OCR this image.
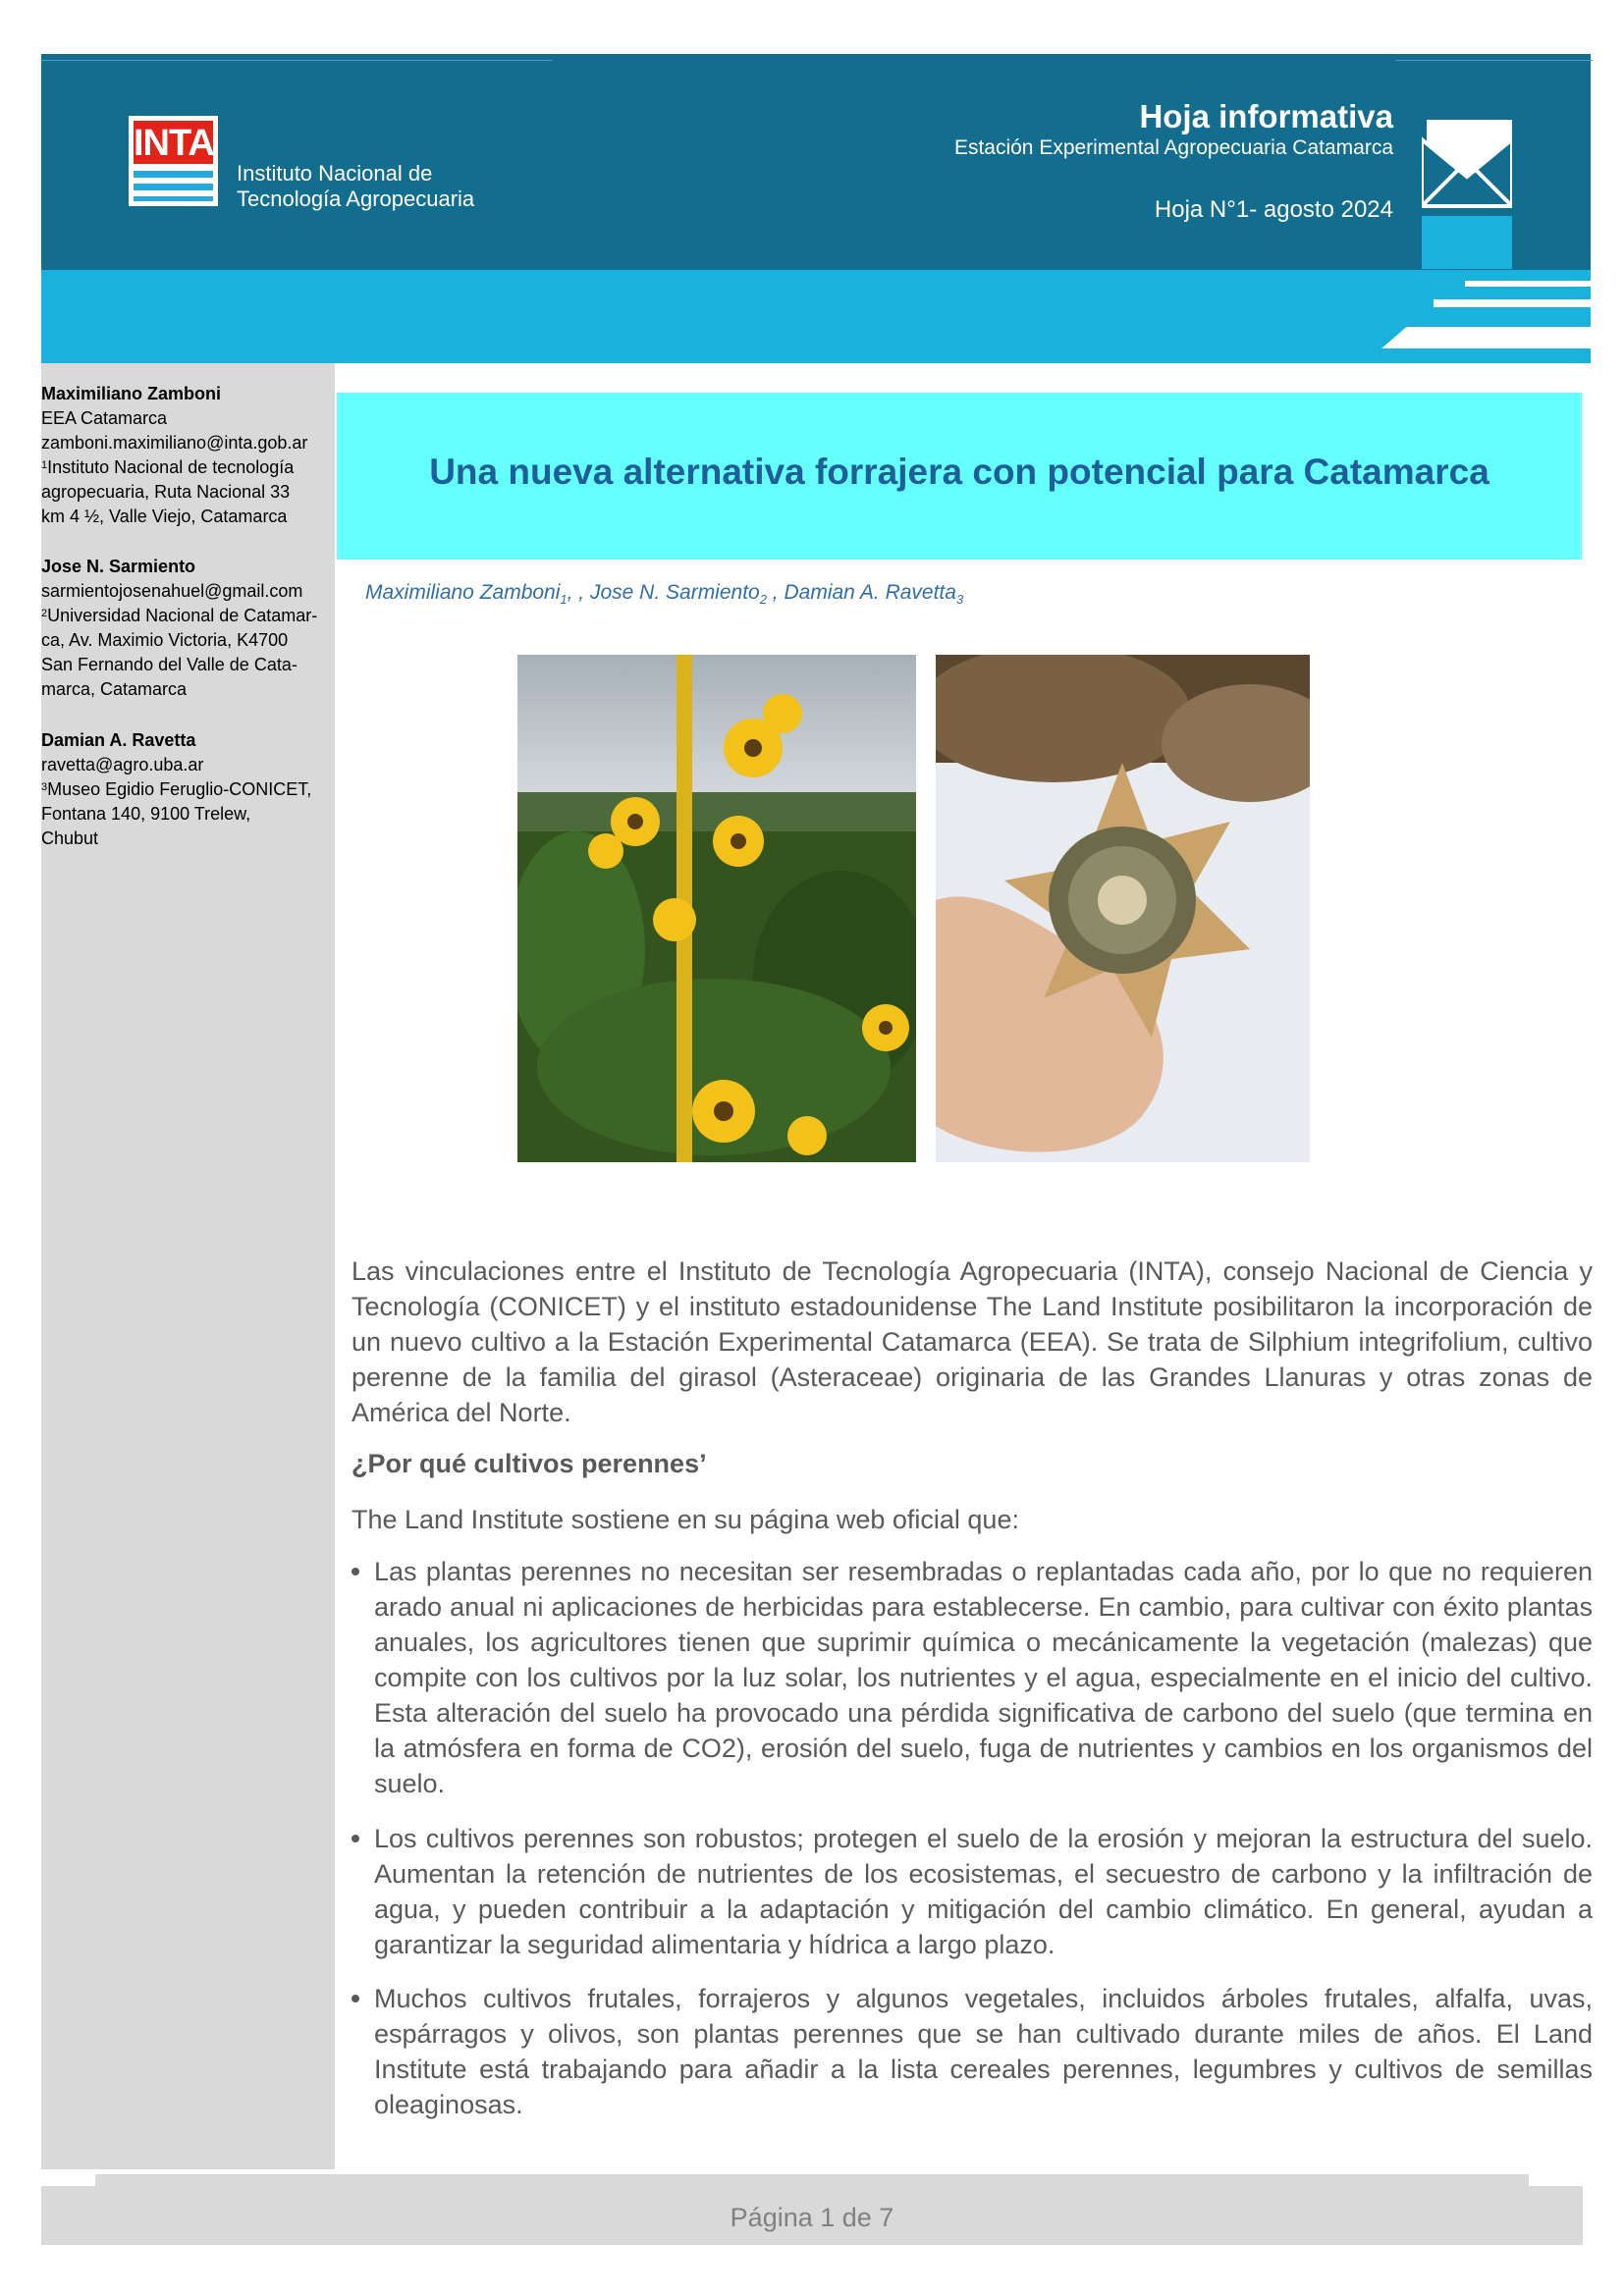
INTA
Instituto Nacional de
Tecnología Agropecuaria
Hoja informativa
Estación Experimental Agropecuaria Catamarca
Hoja N°1- agosto 2024
Maximiliano Zamboni
EEA Catamarca
zamboni.maximiliano@inta.gob.ar
$^1$Instituto Nacional de tecnología
agropecuaria, Ruta Nacional 33
km 4 ½, Valle Viejo, Catamarca
Jose N. Sarmiento
sarmientojosenahuel@gmail.com
$^2$Universidad Nacional de Catamar-
ca, Av. Maximio Victoria, K4700
San Fernando del Valle de Cata-
marca, Catamarca
Damian A. Ravetta
ravetta@agro.uba.ar
$^3$Museo Egidio Feruglio-CONICET,
Fontana 140, 9100 Trelew,
Chubut
Una nueva alternativa forrajera con potencial para Catamarca
Maximiliano Zamboni$_1$, , Jose N. Sarmiento$_2$ , Damian A. Ravetta$_3$
Las vinculaciones entre el Instituto de Tecnología Agropecuaria (INTA), consejo Nacional de Ciencia y Tecnología (CONICET) y el instituto estadounidense The Land Institute posibilitaron la incorporación de un nuevo cultivo a la Estación Experimental Catamarca (EEA). Se trata de Silphium integrifolium, cultivo perenne de la familia del girasol (Asteraceae) originaria de las Grandes Llanuras y otras zonas de América del Norte.
¿Por qué cultivos perennes’
The Land Institute sostiene en su página web oficial que:
Las plantas perennes no necesitan ser resembradas o replantadas cada año, por lo que no requieren arado anual ni aplicaciones de herbicidas para establecerse. En cambio, para cultivar con éxito plantas anuales, los agricultores tienen que suprimir química o mecánicamente la vegetación (malezas) que compite con los cultivos por la luz solar, los nutrientes y el agua, especialmente en el inicio del cultivo. Esta alteración del suelo ha provocado una pérdida significativa de carbono del suelo (que termina en la atmósfera en forma de CO2), erosión del suelo, fuga de nutrientes y cambios en los organismos del suelo.
Los cultivos perennes son robustos; protegen el suelo de la erosión y mejoran la estructura del suelo. Aumentan la retención de nutrientes de los ecosistemas, el secuestro de carbono y la infiltración de agua, y pueden contribuir a la adaptación y mitigación del cambio climático. En general, ayudan a garantizar la seguridad alimentaria y hídrica a largo plazo.
Muchos cultivos frutales, forrajeros y algunos vegetales, incluidos árboles frutales, alfalfa, uvas, espárragos y olivos, son plantas perennes que se han cultivado durante miles de años. El Land Institute está trabajando para añadir a la lista cereales perennes, legumbres y cultivos de semillas oleaginosas.
Página 1 de 7
